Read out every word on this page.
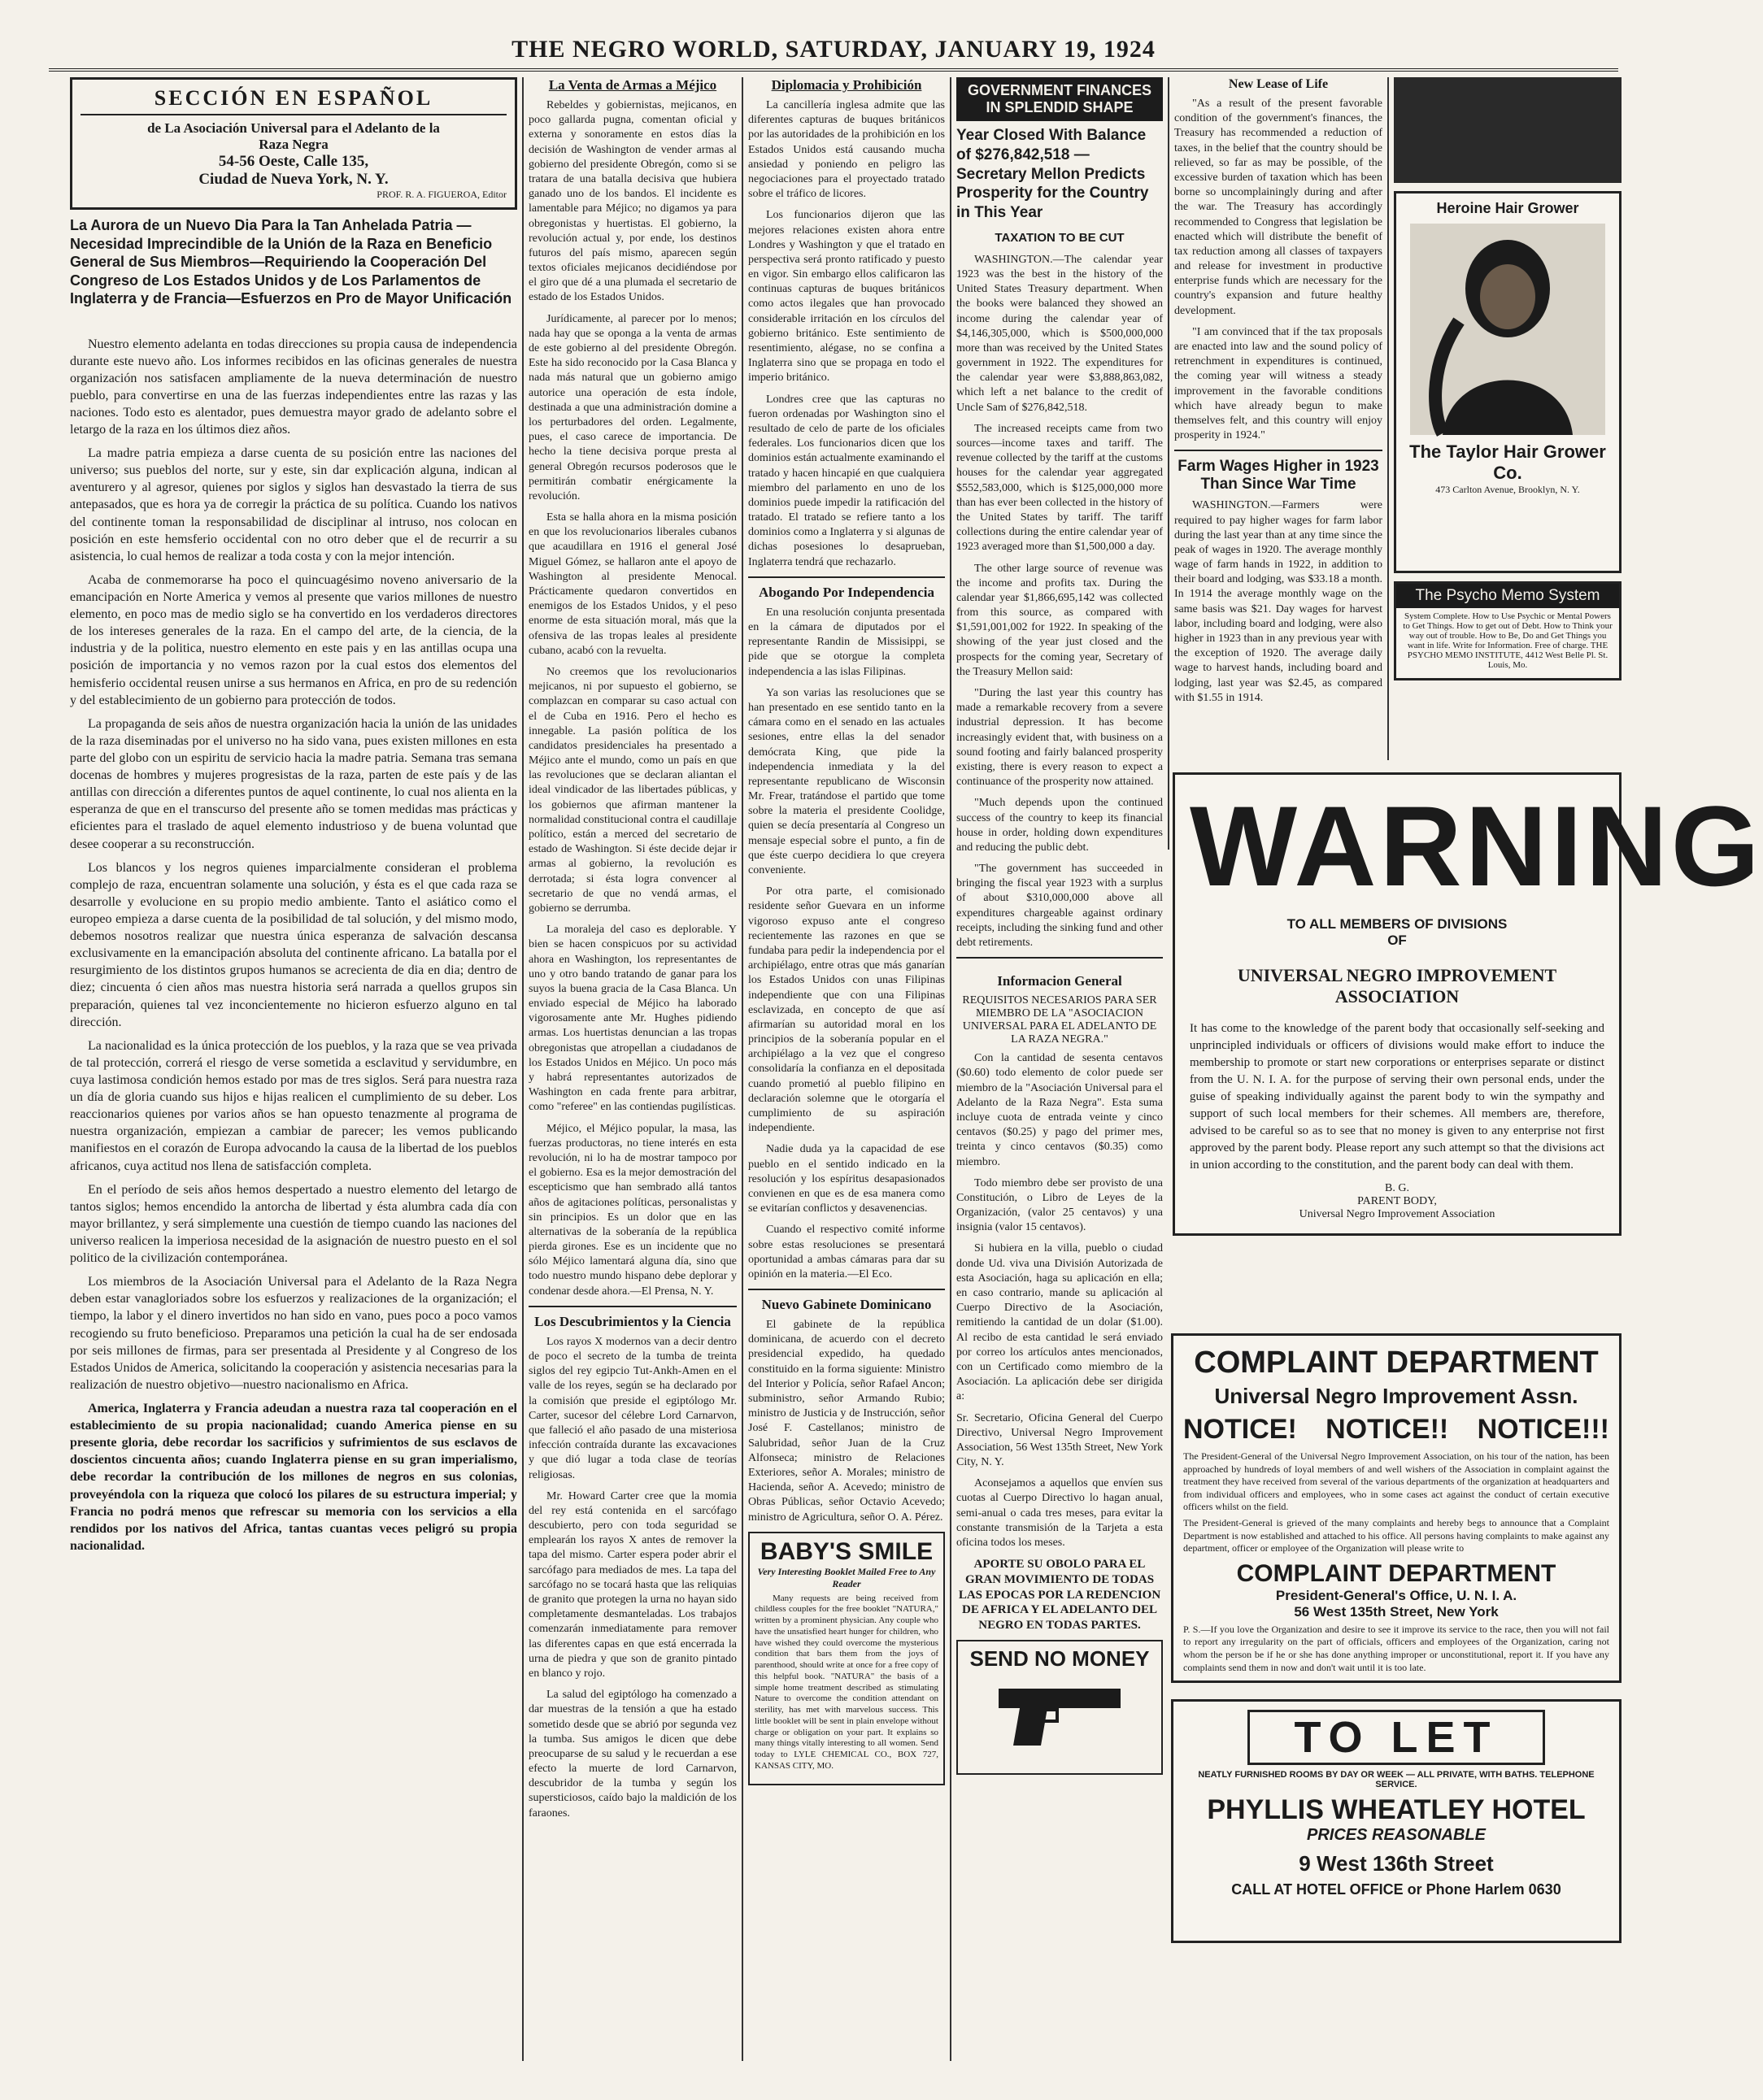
THE NEGRO WORLD, SATURDAY, JANUARY 19, 1924
SECCIÓN EN ESPAÑOL
de La Asociación Universal para el Adelanto de la
Raza Negra
54-56 Oeste, Calle 135,
Ciudad de Nueva York, N. Y.
PROF. R. A. FIGUEROA, Editor
La Aurora de un Nuevo Dia Para la Tan Anhelada Patria —Necesidad Imprecindible de la Unión de la Raza en Beneficio General de Sus Miembros—Requiriendo la Cooperación Del Congreso de Los Estados Unidos y de Los Parlamentos de Inglaterra y de Francia—Esfuerzos en Pro de Mayor Unificación

Nuestro elemento adelanta en todas direcciones su propia causa de independencia durante este nuevo año. Los informes recibidos en las oficinas generales de nuestra organización nos satisfacen ampliamente de la nueva determinación de nuestro pueblo, para convertirse en una de las fuerzas independientes entre las razas y las naciones. Todo esto es alentador, pues demuestra mayor grado de adelanto sobre el letargo de la raza en los últimos diez años.

La madre patria empieza a darse cuenta de su posición entre las naciones del universo; sus pueblos del norte, sur y este, sin dar explicación alguna, indican al aventurero y al agresor, quienes por siglos y siglos han desvastado la tierra de sus antepasados, que es hora ya de corregir la práctica de su política. Cuando los nativos del continente toman la responsabilidad de disciplinar al intruso, nos colocan en posición en este hemsferio occidental con no otro deber que el de recurrir a su asistencia, lo cual hemos de realizar a toda costa y con la mejor intención.

Acaba de conmemorarse ha poco el quincuagésimo noveno aniversario de la emancipación en Norte America y vemos al presente que varios millones de nuestro elemento, en poco mas de medio siglo se ha convertido en los verdaderos directores de los intereses generales de la raza. En el campo del arte, de la ciencia, de la industria y de la politica, nuestro elemento en este pais y en las antillas ocupa una posición de importancia y no vemos razon por la cual estos dos elementos del hemisferio occidental reusen unirse a sus hermanos en Africa, en pro de su redención y del establecimiento de un gobierno para protección de todos.

La propaganda de seis años de nuestra organización hacia la unión de las unidades de la raza diseminadas por el universo no ha sido vana, pues existen millones en esta parte del globo con un espiritu de servicio hacia la madre patria. Semana tras semana docenas de hombres y mujeres progresistas de la raza, parten de este país y de las antillas con dirección a diferentes puntos de aquel continente, lo cual nos alienta en la esperanza de que en el transcurso del presente año se tomen medidas mas prácticas y eficientes para el traslado de aquel elemento industrioso y de buena voluntad que desee cooperar a su reconstrucción.

Los blancos y los negros quienes imparcialmente consideran el problema complejo de raza, encuentran solamente una solución, y ésta es el que cada raza se desarrolle y evolucione en su propio medio ambiente. Tanto el asiático como el europeo empieza a darse cuenta de la posibilidad de tal solución, y del mismo modo, debemos nosotros realizar que nuestra única esperanza de salvación descansa exclusivamente en la emancipación absoluta del continente africano. La batalla por el resurgimiento de los distintos grupos humanos se acrecienta de dia en dia; dentro de diez; cincuenta ó cien años mas nuestra historia será narrada a quellos grupos sin preparación, quienes tal vez inconcientemente no hicieron esfuerzo alguno en tal dirección.

La nacionalidad es la única protección de los pueblos, y la raza que se vea privada de tal protección, correrá el riesgo de verse sometida a esclavitud y servidumbre, en cuya lastimosa condición hemos estado por mas de tres siglos. Será para nuestra raza un día de gloria cuando sus hijos e hijas realicen el cumplimiento de su deber. Los reaccionarios quienes por varios años se han opuesto tenazmente al programa de nuestra organización, empiezan a cambiar de parecer; les vemos publicando manifiestos en el corazón de Europa advocando la causa de la libertad de los pueblos africanos, cuya actitud nos llena de satisfacción completa.

En el período de seis años hemos despertado a nuestro elemento del letargo de tantos siglos; hemos encendido la antorcha de libertad y ésta alumbra cada día con mayor brillantez, y será simplemente una cuestión de tiempo cuando las naciones del universo realicen la imperiosa necesidad de la asignación de nuestro puesto en el sol politico de la civilización contemporánea.

Los miembros de la Asociación Universal para el Adelanto de la Raza Negra deben estar vanagloriados sobre los esfuerzos y realizaciones de la organización; el tiempo, la labor y el dinero invertidos no han sido en vano, pues poco a poco vamos recogiendo su fruto beneficioso. Preparamos una petición la cual ha de ser endosada por seis millones de firmas, para ser presentada al Presidente y al Congreso de los Estados Unidos de America, solicitando la cooperación y asistencia necesarias para la realización de nuestro objetivo—nuestro nacionalismo en Africa.

America, Inglaterra y Francia adeudan a nuestra raza tal cooperación en el establecimiento de su propia nacionalidad; cuando America piense en su presente gloria, debe recordar los sacrificios y sufrimientos de sus esclavos de doscientos cincuenta años; cuando Inglaterra piense en su gran imperialismo, debe recordar la contribución de los millones de negros en sus colonias, proveyéndola con la riqueza que colocó los pilares de su estructura imperial; y Francia no podrá menos que refrescar su memoria con los servicios a ella rendidos por los nativos del Africa, tantas cuantas veces peligró su propia nacionalidad.

La Venta de Armas a Méjico

Rebeldes y gobiernistas, mejicanos, en poco gallarda pugna, comentan oficial y externa y sonoramente en estos días la decisión de Washington de vender armas al gobierno del presidente Obregón, como si se tratara de una batalla decisiva que hubiera ganado uno de los bandos. El incidente es lamentable para Méjico; no digamos ya para obregonistas y huertistas. El gobierno, la revolución actual y, por ende, los destinos futuros del país mismo, aparecen según textos oficiales mejicanos decidiéndose por el giro que dé a una plumada el secretario de estado de los Estados Unidos.

Jurídicamente, al parecer por lo menos; nada hay que se oponga a la venta de armas de este gobierno al del presidente Obregón. Este ha sido reconocido por la Casa Blanca y nada más natural que un gobierno amigo autorice una operación de esta índole, destinada a que una administración domine a los perturbadores del orden. Legalmente, pues, el caso carece de importancia. De hecho la tiene decisiva porque presta al general Obregón recursos poderosos que le permitirán combatir enérgicamente la revolución.

Esta se halla ahora en la misma posición en que los revolucionarios liberales cubanos que acaudillara en 1916 el general José Miguel Gómez, se hallaron ante el apoyo de Washington al presidente Menocal. Prácticamente quedaron convertidos en enemigos de los Estados Unidos, y el peso enorme de esta situación moral, más que la ofensiva de las tropas leales al presidente cubano, acabó con la revuelta.

No creemos que los revolucionarios mejicanos, ni por supuesto el gobierno, se complazcan en comparar su caso actual con el de Cuba en 1916. Pero el hecho es innegable. La pasión política de los candidatos presidenciales ha presentado a Méjico ante el mundo, como un país en que las revoluciones que se declaran aliantan el ideal vindicador de las libertades públicas, y los gobiernos que afirman mantener la normalidad constitucional contra el caudillaje político, están a merced del secretario de estado de Washington. Si éste decide dejar ir armas al gobierno, la revolución es derrotada; si ésta logra convencer al secretario de que no vendá armas, el gobierno se derrumba.

La moraleja del caso es deplorable. Y bien se hacen conspicuos por su actividad ahora en Washington, los representantes de uno y otro bando tratando de ganar para los suyos la buena gracia de la Casa Blanca. Un enviado especial de Méjico ha laborado vigorosamente ante Mr. Hughes pidiendo armas. Los huertistas denuncian a las tropas obregonistas que atropellan a ciudadanos de los Estados Unidos en Méjico. Un poco más y habrá representantes autorizados de Washington en cada frente para arbitrar, como "referee" en las contiendas pugilísticas.

Méjico, el Méjico popular, la masa, las fuerzas productoras, no tiene interés en esta revolución, ni lo ha de mostrar tampoco por el gobierno. Esa es la mejor demostración del escepticismo que han sembrado allá tantos años de agitaciones políticas, personalistas y sin principios. Es un dolor que en las alternativas de la soberanía de la república pierda girones. Ese es un incidente que no sólo Méjico lamentará alguna día, sino que todo nuestro mundo hispano debe deplorar y condenar desde ahora.—El Prensa, N. Y.

Los Descubrimientos y la Ciencia

Los rayos X modernos van a decir dentro de poco el secreto de la tumba de treinta siglos del rey egipcio Tut-Ankh-Amen en el valle de los reyes, según se ha declarado por la comisión que preside el egiptólogo Mr. Carter, sucesor del célebre Lord Carnarvon, que falleció el año pasado de una misteriosa infección contraída durante las excavaciones y que dió lugar a toda clase de teorías religiosas.

Mr. Howard Carter cree que la momia del rey está contenida en el sarcófago descubierto, pero con toda seguridad se emplearán los rayos X antes de remover la tapa del mismo. Carter espera poder abrir el sarcófago para mediados de mes. La tapa del sarcófago no se tocará hasta que las reliquias de granito que protegen la urna no hayan sido completamente desmanteladas. Los trabajos comenzarán inmediatamente para remover las diferentes capas en que está encerrada la urna de piedra y que son de granito pintado en blanco y rojo.

La salud del egiptólogo ha comenzado a dar muestras de la tensión a que ha estado sometido desde que se abrió por segunda vez la tumba. Sus amigos le dicen que debe preocuparse de su salud y le recuerdan a ese efecto la muerte de lord Carnarvon, descubridor de la tumba y según los supersticiosos, caído bajo la maldición de los faraones.

Diplomacia y Prohibición

La cancillería inglesa admite que las diferentes capturas de buques británicos por las autoridades de la prohibición en los Estados Unidos está causando mucha ansiedad y poniendo en peligro las negociaciones para el proyectado tratado sobre el tráfico de licores.

Los funcionarios dijeron que las mejores relaciones existen ahora entre Londres y Washington y que el tratado en perspectiva será pronto ratificado y puesto en vigor. Sin embargo ellos calificaron las continuas capturas de buques británicos como actos ilegales que han provocado considerable irritación en los círculos del gobierno británico. Este sentimiento de resentimiento, alégase, no se confina a Inglaterra sino que se propaga en todo el imperio británico.

Londres cree que las capturas no fueron ordenadas por Washington sino el resultado de celo de parte de los oficiales federales. Los funcionarios dicen que los dominios están actualmente examinando el tratado y hacen hincapié en que cualquiera miembro del parlamento en uno de los dominios puede impedir la ratificación del tratado. El tratado se refiere tanto a los dominios como a Inglaterra y si algunas de dichas posesiones lo desaprueban, Inglaterra tendrá que rechazarlo.

Abogando Por Independencia

En una resolución conjunta presentada en la cámara de diputados por el representante Randin de Missisippi, se pide que se otorgue la completa independencia a las islas Filipinas.

Ya son varias las resoluciones que se han presentado en ese sentido tanto en la cámara como en el senado en las actuales sesiones, entre ellas la del senador demócrata King, que pide la independencia inmediata y la del representante republicano de Wisconsin Mr. Frear, tratándose el partido que tome sobre la materia el presidente Coolidge, quien se decía presentaría al Congreso un mensaje especial sobre el punto, a fin de que éste cuerpo decidiera lo que creyera conveniente.

Por otra parte, el comisionado residente señor Guevara en un informe vigoroso expuso ante el congreso recientemente las razones en que se fundaba para pedir la independencia por el archipiélago, entre otras que más ganarían los Estados Unidos con unas Filipinas independiente que con una Filipinas esclavizada, en concepto de que así afirmarían su autoridad moral en los principios de la soberanía popular en el archipiélago a la vez que el congreso consolidaría la confianza en el depositada cuando prometió al pueblo filipino en declaración solemne que le otorgaría el cumplimiento de su aspiración independiente.

Nadie duda ya la capacidad de ese pueblo en el sentido indicado en la resolución y los espíritus desapasionados convienen en que es de esa manera como se evitarían conflictos y desavenencias.

Cuando el respectivo comité informe sobre estas resoluciones se presentará oportunidad a ambas cámaras para dar su opinión en la materia.—El Eco.

Nuevo Gabinete Dominicano

El gabinete de la república dominicana, de acuerdo con el decreto presidencial expedido, ha quedado constituido en la forma siguiente: Ministro del Interior y Policía, señor Rafael Ancon; subministro, señor Armando Rubio; ministro de Justicia y de Instrucción, señor José F. Castellanos; ministro de Salubridad, señor Juan de la Cruz Alfonseca; ministro de Relaciones Exteriores, señor A. Morales; ministro de Hacienda, señor A. Acevedo; ministro de Obras Públicas, señor Octavio Acevedo; ministro de Agricultura, señor O. A. Pérez.

BABY'S SMILE
Very Interesting Booklet Mailed Free to Any Reader

Many requests are being received from childless couples for the free booklet "NATURA," written by a prominent physician. Any couple who have the unsatisfied heart hunger for children, who have wished they could overcome the mysterious condition that bars them from the joys of parenthood, should write at once for a free copy of this helpful book. "NATURA" the basis of a simple home treatment described as stimulating Nature to overcome the condition attendant on sterility, has met with marvelous success. This little booklet will be sent in plain envelope without charge or obligation on your part. It explains so many things vitally interesting to all women. Send today to LYLE CHEMICAL CO., BOX 727, KANSAS CITY, MO.

GOVERNMENT FINANCES IN SPLENDID SHAPE
Year Closed With Balance of $276,842,518 — Secretary Mellon Predicts Prosperity for the Country in This Year
TAXATION TO BE CUT

WASHINGTON.—The calendar year 1923 was the best in the history of the United States Treasury department. When the books were balanced they showed an income during the calendar year of $4,146,305,000, which is $500,000,000 more than was received by the United States government in 1922. The expenditures for the calendar year were $3,888,863,082, which left a net balance to the credit of Uncle Sam of $276,842,518.

The increased receipts came from two sources—income taxes and tariff. The revenue collected by the tariff at the customs houses for the calendar year aggregated $552,583,000, which is $125,000,000 more than has ever been collected in the history of the United States by tariff. The tariff collections during the entire calendar year of 1923 averaged more than $1,500,000 a day.

The other large source of revenue was the income and profits tax. During the calendar year $1,866,695,142 was collected from this source, as compared with $1,591,001,002 for 1922. In speaking of the showing of the year just closed and the prospects for the coming year, Secretary of the Treasury Mellon said:

"During the last year this country has made a remarkable recovery from a severe industrial depression. It has become increasingly evident that, with business on a sound footing and fairly balanced prosperity existing, there is every reason to expect a continuance of the prosperity now attained.

"Much depends upon the continued success of the country to keep its financial house in order, holding down expenditures and reducing the public debt.

"The government has succeeded in bringing the fiscal year 1923 with a surplus of about $310,000,000 above all expenditures chargeable against ordinary receipts, including the sinking fund and other debt retirements.

Informacion General
REQUISITOS NECESARIOS PARA SER MIEMBRO DE LA "ASOCIACION UNIVERSAL PARA EL ADELANTO DE LA RAZA NEGRA."

Con la cantidad de sesenta centavos ($0.60) todo elemento de color puede ser miembro de la "Asociación Universal para el Adelanto de la Raza Negra". Esta suma incluye cuota de entrada veinte y cinco centavos ($0.25) y pago del primer mes, treinta y cinco centavos ($0.35) como miembro.

Todo miembro debe ser provisto de una Constitución, o Libro de Leyes de la Organización, (valor 25 centavos) y una insignia (valor 15 centavos).

Si hubiera en la villa, pueblo o ciudad donde Ud. viva una División Autorizada de esta Asociación, haga su aplicación en ella; en caso contrario, mande su aplicación al Cuerpo Directivo de la Asociación, remitiendo la cantidad de un dolar ($1.00). Al recibo de esta cantidad le será enviado por correo los artículos antes mencionados, con un Certificado como miembro de la Asociación. La aplicación debe ser dirigida a:

Sr. Secretario, Oficina General del Cuerpo Directivo, Universal Negro Improvement Association, 56 West 135th Street, New York City, N. Y.

Aconsejamos a aquellos que envíen sus cuotas al Cuerpo Directivo lo hagan anual, semi-anual o cada tres meses, para evitar la constante transmisión de la Tarjeta a esta oficina todos los meses.

APORTE SU OBOLO PARA EL GRAN MOVIMIENTO DE TODAS LAS EPOCAS POR LA REDENCION DE AFRICA Y EL ADELANTO DEL NEGRO EN TODAS PARTES.
SEND NO MONEY
New Lease of Life

"As a result of the present favorable condition of the government's finances, the Treasury has recommended a reduction of taxes, in the belief that the country should be relieved, so far as may be possible, of the excessive burden of taxation which has been borne so uncomplainingly during and after the war. The Treasury has accordingly recommended to Congress that legislation be enacted which will distribute the benefit of tax reduction among all classes of taxpayers and release for investment in productive enterprise funds which are necessary for the country's expansion and future healthy development.

"I am convinced that if the tax proposals are enacted into law and the sound policy of retrenchment in expenditures is continued, the coming year will witness a steady improvement in the favorable conditions which have already begun to make themselves felt, and this country will enjoy prosperity in 1924."

Farm Wages Higher in 1923 Than Since War Time

WASHINGTON.—Farmers were required to pay higher wages for farm labor during the last year than at any time since the peak of wages in 1920. The average monthly wage of farm hands in 1922, in addition to their board and lodging, was $33.18 a month. In 1914 the average monthly wage on the same basis was $21. Day wages for harvest labor, including board and lodging, were also higher in 1923 than in any previous year with the exception of 1920. The average daily wage to harvest hands, including board and lodging, last year was $2.45, as compared with $1.55 in 1914.

Heroine Hair Grower
The Taylor Hair Grower Co.
473 Carlton Avenue, Brooklyn, N. Y.
The Psycho Memo System
System Complete. How to Use Psychic or Mental Powers to Get Things. How to get out of Debt. How to Think your way out of trouble. How to Be, Do and Get Things you want in life. Write for Information. Free of charge. THE PSYCHO MEMO INSTITUTE, 4412 West Belle Pl. St. Louis, Mo.
WARNING
TO ALL MEMBERS OF DIVISIONS OF
UNIVERSAL NEGRO IMPROVEMENT ASSOCIATION
It has come to the knowledge of the parent body that occasionally self-seeking and unprincipled individuals or officers of divisions would make effort to induce the membership to promote or start new corporations or enterprises separate or distinct from the U. N. I. A. for the purpose of serving their own personal ends, under the guise of speaking individually against the parent body to win the sympathy and support of such local members for their schemes. All members are, therefore, advised to be careful so as to see that no money is given to any enterprise not first approved by the parent body. Please report any such attempt so that the divisions act in union according to the constitution, and the parent body can deal with them.
B. G.
PARENT BODY,
Universal Negro Improvement Association
COMPLAINT DEPARTMENT
Universal Negro Improvement Assn.
NOTICE! NOTICE!! NOTICE!!!
The President-General of the Universal Negro Improvement Association, on his tour of the nation, has been approached by hundreds of loyal members of and well wishers of the Association in complaint against the treatment they have received from several of the various departments of the organization at headquarters and from individual officers and employees, who in some cases act against the conduct of certain executive officers whilst on the field.
The President-General is grieved of the many complaints and hereby begs to announce that a Complaint Department is now established and attached to his office. All persons having complaints to make against any department, officer or employee of the Organization will please write to
COMPLAINT DEPARTMENT
President-General's Office, U. N. I. A.
56 West 135th Street, New York
P. S.—If you love the Organization and desire to see it improve its service to the race, then you will not fail to report any irregularity on the part of officials, officers and employees of the Organization, caring not whom the person be if he or she has done anything improper or unconstitutional, report it. If you have any complaints send them in now and don't wait until it is too late.
TO LET
NEATLY FURNISHED ROOMS BY DAY OR WEEK — ALL PRIVATE, WITH BATHS. TELEPHONE SERVICE.
PHYLLIS WHEATLEY HOTEL
PRICES REASONABLE
9 West 136th Street
CALL AT HOTEL OFFICE or Phone Harlem 0630
